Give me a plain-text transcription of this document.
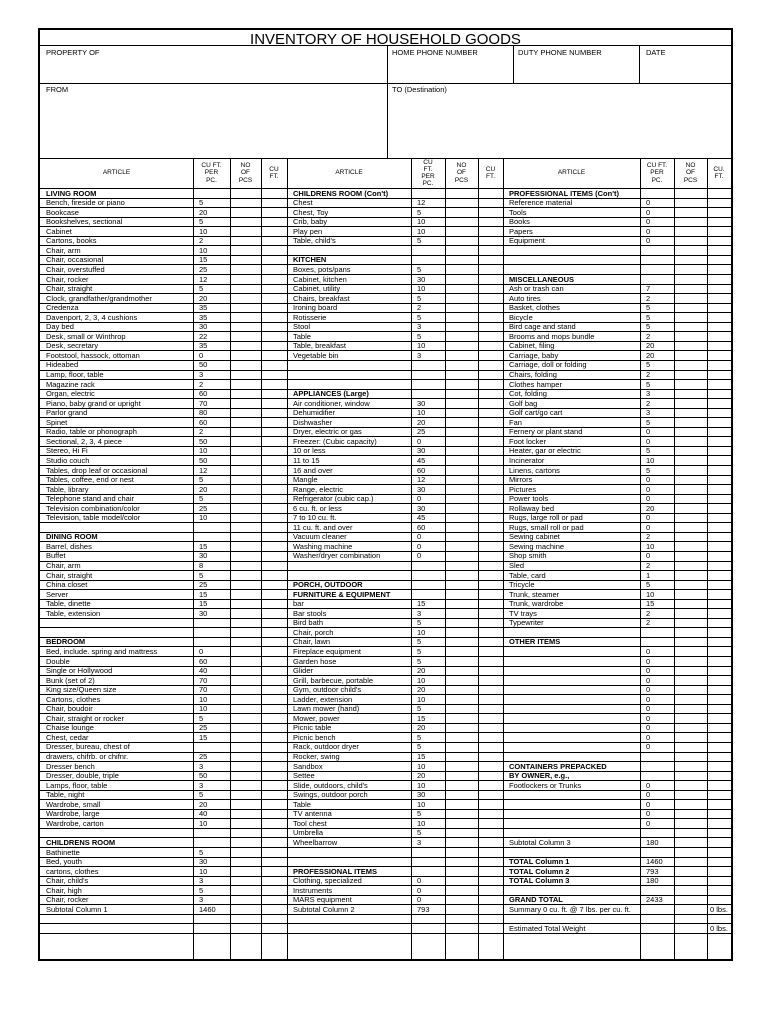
INVENTORY OF HOUSEHOLD GOODS
PROPERTY OF	HOME PHONE NUMBER	DUTY PHONE NUMBER	DATE
FROM	TO (Destination)
ARTICLE
CU FT.
PER
PC.
NO
OF
PCS
CU
FT.
LIVING ROOM
Bench, fireside or piano	5
Bookcase	20
Bookshelves, sectional	5
Cabinet	10
Cartons, books	2
Chair, arm	10
Chair, occasional	15
Chair, overstuffed	25
Chair, rocker	12
Chair, straight	5
Clock, grandfather/grandmother	20
Credenza	35
Davenport, 2, 3, 4 cushions	35
Day bed	30
Desk, small or Winthrop	22
Desk, secretary	35
Footstool, hassock, ottoman	0
Hideabed	50
Lamp, floor, table	3
Magazine rack	2
Organ, electric	60
Piano, baby grand or upright	70
Parlor grand	80
Spinet	60
Radio, table or phonograph	2
Sectional, 2, 3, 4 piece	50
Stereo, Hi Fi	10
Studio couch	50
Tables, drop leaf or occasional	12
Tables, coffee, end or nest	5
Table, library	20
Telephone stand and chair	5
Television combination/color	25
Television, table model/color	10
DINING ROOM
Barrel, dishes	15
Buffet	30
Chair, arm	8
Chair, straight	5
China closet	25
Server	15
Table, dinette	15
Table, extension	30
BEDROOM
Bed, include. spring and mattress	0
Double	60
Single or Hollywood	40
Bunk (set of 2)	70
King size/Queen size	70
Cartons, clothes	10
Chair, boudoir	10
Chair, straight or rocker	5
Chaise lounge	25
Chest, cedar	15
Dresser, bureau, chest of
drawers, chifrb. or chifnr.	25
Dresser bench	3
Dresser, double, triple	50
Lamps, floor, table	3
Table, night	5
Wardrobe, small	20
Wardrobe, large	40
Wardrobe, carton	10
CHILDRENS ROOM
Bathinette	5
Bed, youth	30
cartons, clothes	10
Chair, child's	3
Chair, high	5
Chair, rocker	3
Subtotal Column 1	1460
ARTICLE
CU
FT.
PER
PC.
NO
OF
PCS
CU
FT.
CHILDRENS ROOM (Con't)
Chest	12
Chest, Toy	5
Crib, baby	10
Play pen	10
Table, child's	5
KITCHEN
Boxes, pots/pans	5
Cabinet, kitchen	30
Cabinet, utility	10
Chairs, breakfast	5
Ironing board	2
Rotisserie	5
Stool	3
Table	5
Table, breakfast	10
Vegetable bin	3
APPLIANCES (Large)
Air conditioner, window	30
Dehumidifier	10
Dishwasher	20
Dryer, electric or gas	25
Freezer: (Cubic capacity)	0
10 or less	30
11 to 15	45
16 and over	60
Mangle	12
Range, electric	30
Refrigerator (cubic cap.)	0
6 cu. ft. or less	30
7 to 10 cu. ft.	45
11 cu. ft. and over	60
Vacuum cleaner	0
Washing machine	0
Washer/dryer combination	0
PORCH, OUTDOOR
FURNITURE & EQUIPMENT
bar	15
Bar stools	3
Bird bath	5
Chair, porch	10
Chair, lawn	5
Fireplace equipment	5
Garden hose	5
Glider	20
Grill, barbecue, portable	10
Gym, outdoor child's	20
Ladder, extension	10
Lawn mower (hand)	5
Mower, power	15
Picnic table	20
Picnic bench	5
Rack, outdoor dryer	5
Rocker, swing	15
Sandbox	10
Settee	20
Slide, outdoors, child's	10
Swings, outdoor porch	30
Table	10
TV antenna	5
Tool chest	10
Umbrella	5
Wheelbarrow	3
PROFESSIONAL ITEMS
Clothing, specialized	0
Instruments	0
MARS equipment	0
Subtotal Column 2	793
ARTICLE
CU FT.
PER
PC.
NO
OF
PCS
CU.
FT.
PROFESSIONAL ITEMS (Con't)
Reference material	0
Tools	0
Books	0
Papers	0
Equipment	0
MISCELLANEOUS
Ash or trash can	7
Auto tires	2
Basket, clothes	5
Bicycle	5
Bird cage and stand	5
Brooms and mops bundle	2
Cabinet, filing	20
Carriage, baby	20
Carriage, doll or folding	5
Chairs, folding	2
Clothes hamper	5
Cot, folding	3
Golf bag	2
Golf cart/go cart	3
Fan	5
Fernery or plant stand	0
Foot locker	0
Heater, gar or electric	5
Incinerator	10
Linens, cartons	5
Mirrors	0
Pictures	0
Power tools	0
Rollaway bed	20
Rugs, large roll or pad	0
Rugs, small roll or pad	0
Sewing cabinet	2
Sewing machine	10
Shop smith	0
Sled	2
Table, card	1
Tricycle	5
Trunk, steamer	10
Trunk, wardrobe	15
TV trays	2
Typewriter	2
OTHER ITEMS
0
0
0
0
0
0
0
0
0
0
0
CONTAINERS PREPACKED
BY OWNER, e.g.,
Footlockers or Trunks	0
0
0
0
0
Subtotal Column 3	180
TOTAL Column 1	1460
TOTAL Column 2	793
TOTAL Column 3	180
GRAND TOTAL	2433
Summary 0 cu. ft. @ 7 lbs. per cu. ft.	0 lbs.
Estimated Total Weight	0 lbs.
